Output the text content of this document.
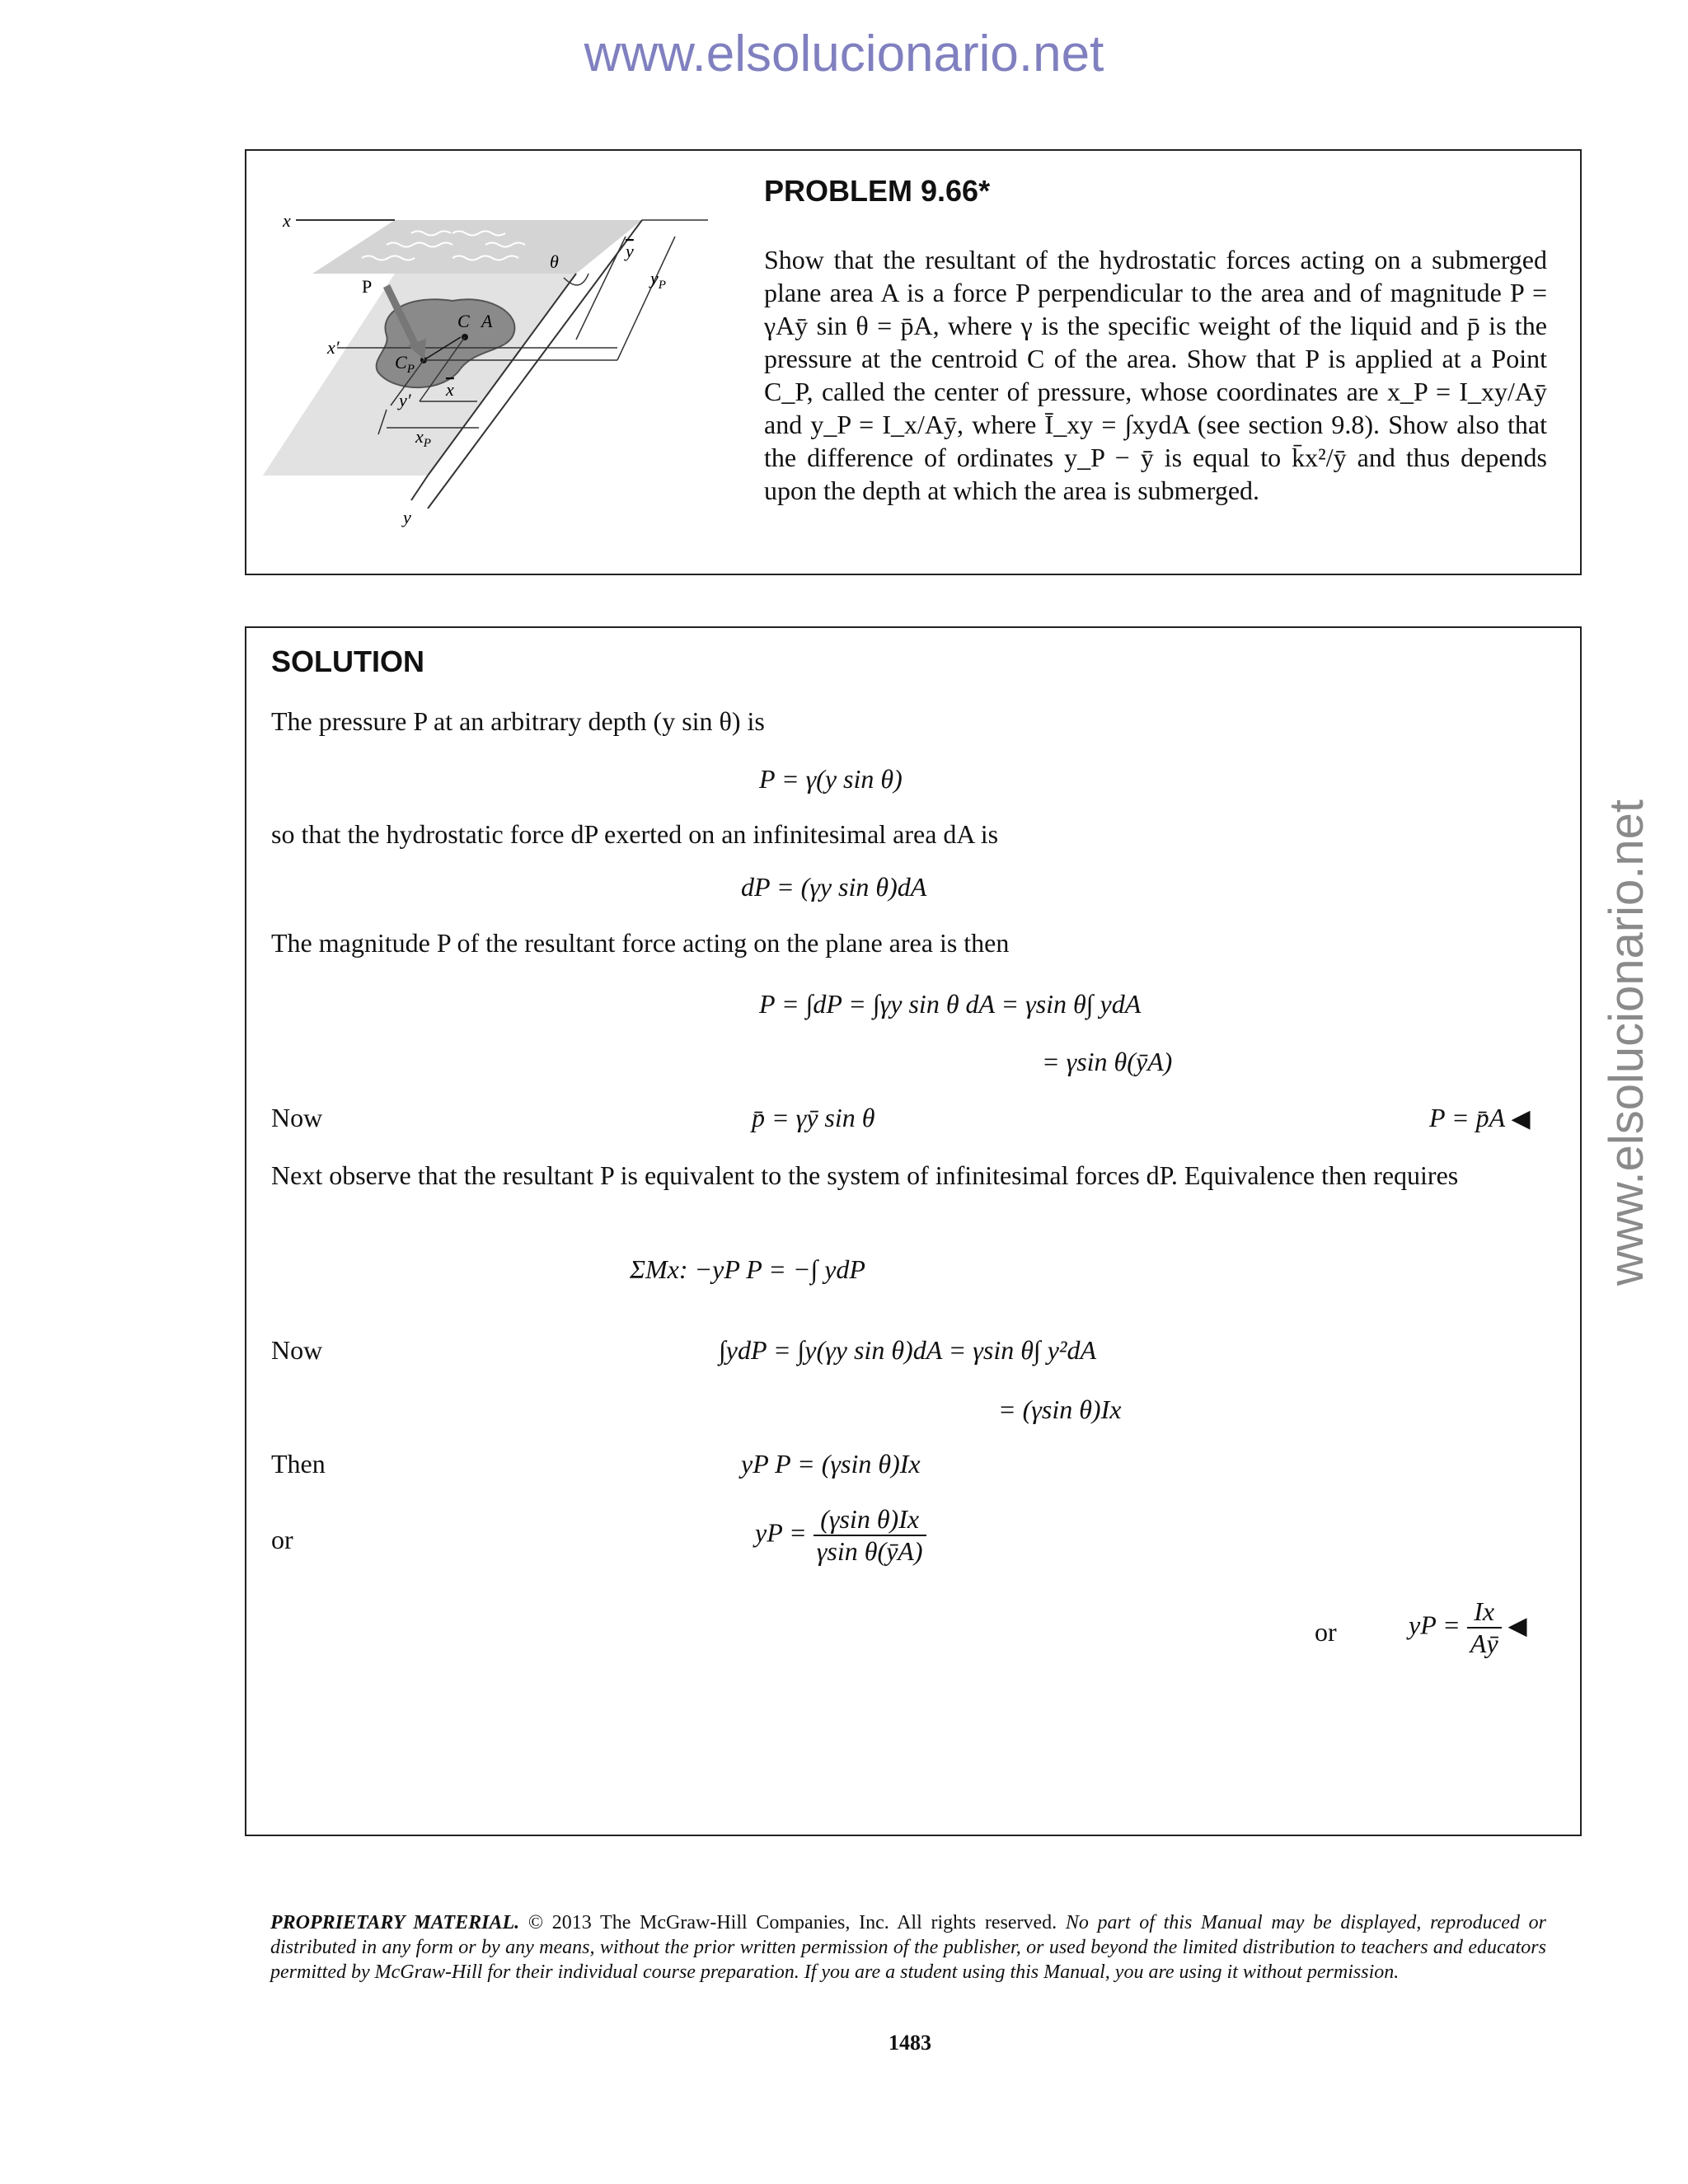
www.elsolucionario.net
www.elsolucionario.net
x
y
x′
C A
$C_P$
P
y′
x
$x_P$
θ
y
$y_P$
PROBLEM 9.66*
Show that the resultant of the hydrostatic forces acting on a submerged plane area A is a force P perpendicular to the area and of magnitude P = γAȳ sin θ = p̄A, where γ is the specific weight of the liquid and p̄ is the pressure at the centroid C of the area. Show that P is applied at a Point C_P, called the center of pressure, whose coordinates are x_P = I_xy/Aȳ and y_P = I_x/Aȳ, where Ī_xy = ∫xydA (see section 9.8). Show also that the difference of ordinates y_P − ȳ is equal to k̄x²/ȳ and thus depends upon the depth at which the area is submerged.
SOLUTION
The pressure P at an arbitrary depth (y sin θ) is
P = γ(y sin θ)
so that the hydrostatic force dP exerted on an infinitesimal area dA is
dP = (γy sin θ)dA
The magnitude P of the resultant force acting on the plane area is then
P = ∫dP = ∫γy sin θ dA = γsin θ∫ ydA
= γsin θ(ȳA)
Now	p̄ = γȳ sin θ	P = p̄A ◀
Next observe that the resultant P is equivalent to the system of infinitesimal forces dP. Equivalence then requires
ΣMx: −yP P = −∫ ydP
Now	∫ydP = ∫y(γy sin θ)dA = γsin θ∫ y²dA
= (γsin θ)Ix
Then	yP P = (γsin θ)Ix
or	yP = $\frac{\text{(γsin θ)Ix}}{\text{γsin θ(ȳA)}}$
or	yP = $\frac{Ix}{Aȳ}$ ◀
PROPRIETARY MATERIAL. © 2013 The McGraw-Hill Companies, Inc. All rights reserved. No part of this Manual may be displayed, reproduced or distributed in any form or by any means, without the prior written permission of the publisher, or used beyond the limited distribution to teachers and educators permitted by McGraw-Hill for their individual course preparation. If you are a student using this Manual, you are using it without permission.
1483
